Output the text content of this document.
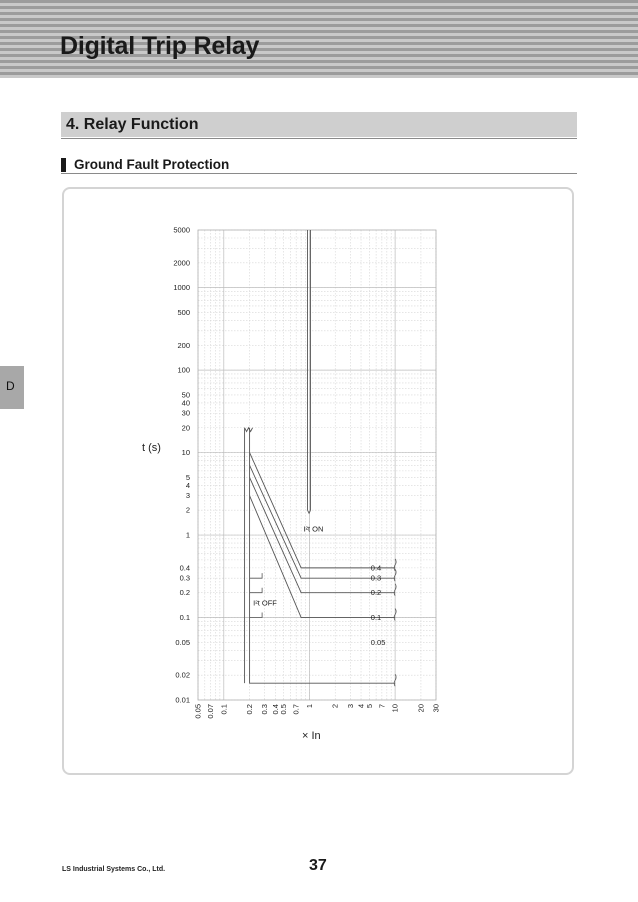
Digital Trip Relay
4. Relay Function
Ground Fault Protection
D
5000
2000
1000
500
200
100
50
40
30
20
10
5
4
3
2
1
0.4
0.3
0.2
0.1
0.05
0.02
0.01
0.05 0.07 0.1 0.2 0.3 0.4 0.5 0.7 1 2 3 4 5 7 10 20 30
t (s)
× In
I²t ON
I²t OFF
0.4
0.3
0.2
0.1
0.05
LS Industrial Systems Co., Ltd.	37
